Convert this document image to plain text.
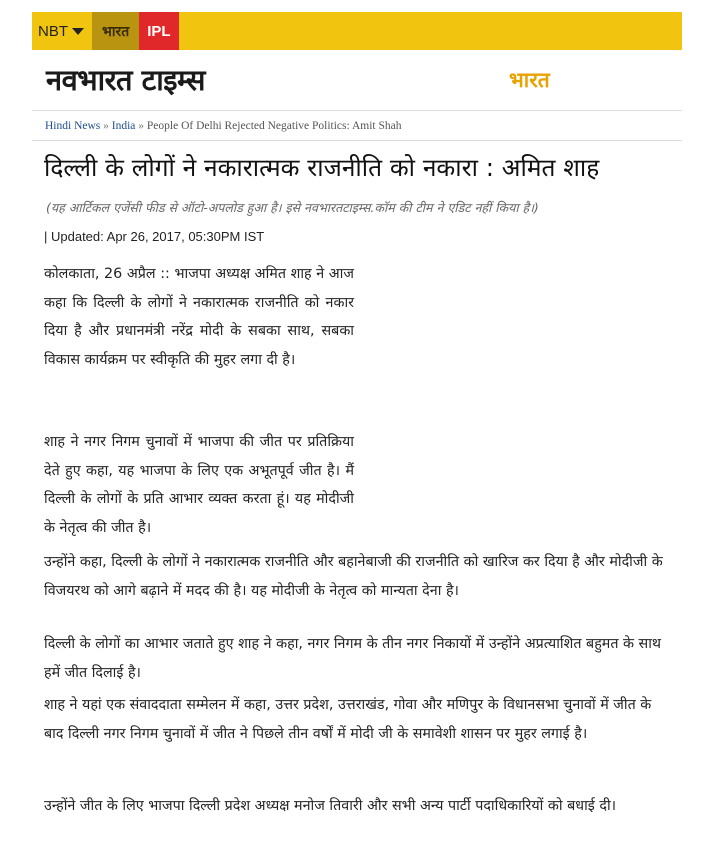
NBT	भारत	IPL
नवभारत टाइम्स	भारत
Hindi News » India » People Of Delhi Rejected Negative Politics: Amit Shah
दिल्ली के लोगों ने नकारात्मक राजनीति को नकारा : अमित शाह
(यह आर्टिकल एजेंसी फीड से ऑटो-अपलोड हुआ है। इसे नवभारतटाइम्स.कॉम की टीम ने एडिट नहीं किया है।)
| Updated: Apr 26, 2017, 05:30PM IST

कोलकाता, 26 अप्रैल :: भाजपा अध्यक्ष अमित शाह ने आज कहा कि दिल्ली के लोगों ने नकारात्मक राजनीति को नकार दिया है और प्रधानमंत्री नरेंद्र मोदी के सबका साथ, सबका विकास कार्यक्रम पर स्वीकृति की मुहर लगा दी है।

शाह ने नगर निगम चुनावों में भाजपा की जीत पर प्रतिक्रिया देते हुए कहा, यह भाजपा के लिए एक अभूतपूर्व जीत है। मैं दिल्ली के लोगों के प्रति आभार व्यक्त करता हूं। यह मोदीजी के नेतृत्व की जीत है।

उन्होंने कहा, दिल्ली के लोगों ने नकारात्मक राजनीति और बहानेबाजी की राजनीति को खारिज कर दिया है और मोदीजी के विजयरथ को आगे बढ़ाने में मदद की है। यह मोदीजी के नेतृत्व को मान्यता देना है।

दिल्ली के लोगों का आभार जताते हुए शाह ने कहा, नगर निगम के तीन नगर निकायों में उन्होंने अप्रत्याशित बहुमत के साथ हमें जीत दिलाई है।

शाह ने यहां एक संवाददाता सम्मेलन में कहा, उत्तर प्रदेश, उत्तराखंड, गोवा और मणिपुर के विधानसभा चुनावों में जीत के बाद दिल्ली नगर निगम चुनावों में जीत ने पिछले तीन वर्षों में मोदी जी के समावेशी शासन पर मुहर लगाई है।

उन्होंने जीत के लिए भाजपा दिल्ली प्रदेश अध्यक्ष मनोज तिवारी और सभी अन्य पार्टी पदाधिकारियों को बधाई दी।
